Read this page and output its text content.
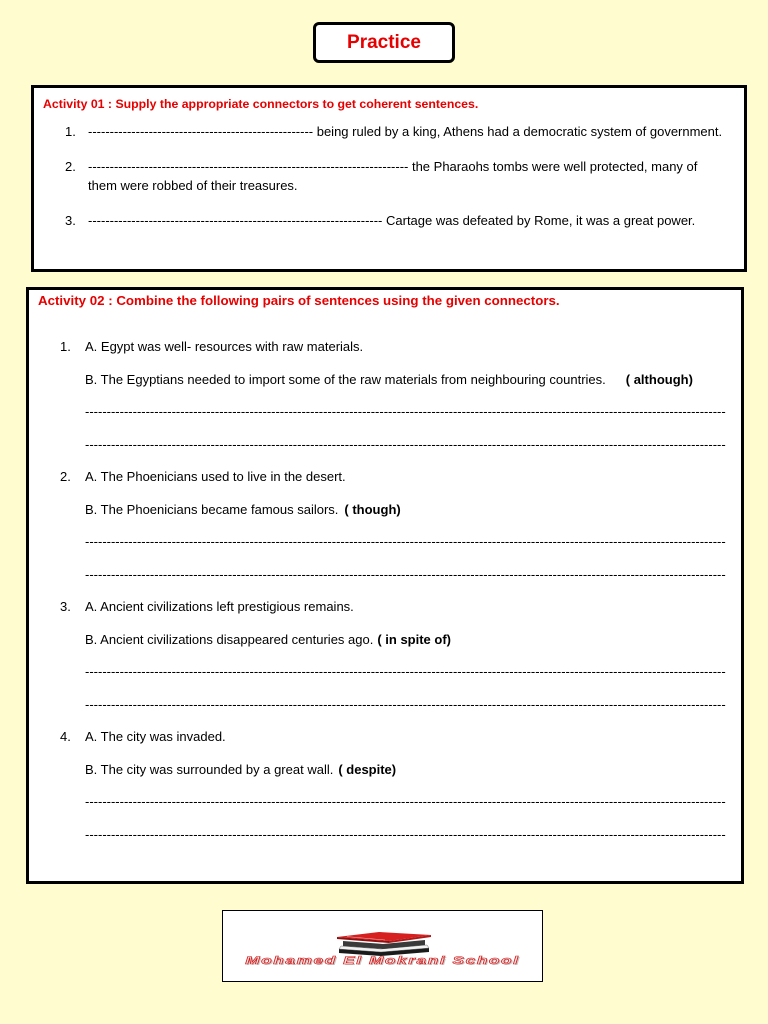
Practice
Activity 01 : Supply the appropriate connectors to get coherent sentences.
1. ---------------------------------------------------- being ruled by a king, Athens had a democratic system of government.
2. -------------------------------------------------------------------------- the Pharaohs tombs were well protected, many of
them were robbed of their treasures.
3. -------------------------------------------------------------------- Cartage was defeated by Rome, it was a great power.
Activity 02 : Combine the following pairs of sentences using the given connectors.
1. A. Egypt was well- resources with raw materials.
B. The Egyptians needed to import some of the raw materials from neighbouring countries. ( although)
----------------------------------------------------------------------------------------------------------------------------------------------------
----------------------------------------------------------------------------------------------------------------------------------------------------
2. A. The Phoenicians used to live in the desert.
B. The Phoenicians became famous sailors. ( though)
----------------------------------------------------------------------------------------------------------------------------------------------------
----------------------------------------------------------------------------------------------------------------------------------------------------
3. A. Ancient civilizations left prestigious remains.
B. Ancient civilizations disappeared centuries ago. ( in spite of)
----------------------------------------------------------------------------------------------------------------------------------------------------
----------------------------------------------------------------------------------------------------------------------------------------------------
4. A. The city was invaded.
B. The city was surrounded by a great wall. ( despite)
----------------------------------------------------------------------------------------------------------------------------------------------------
----------------------------------------------------------------------------------------------------------------------------------------------------
Mohamed El Mokrani School
